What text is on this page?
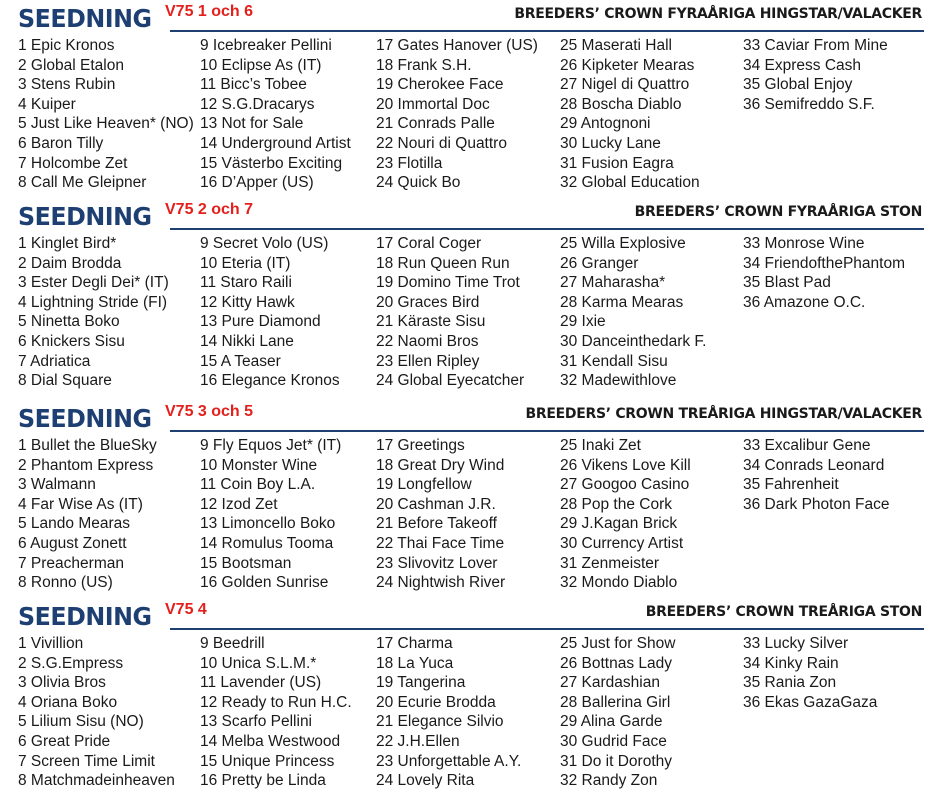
SEEDNING V75 1 och 6	BREEDERS’ CROWN FYRAÅRIGA HINGSTAR/VALACKER
1 Epic Kronos
2 Global Etalon
3 Stens Rubin
4 Kuiper
5 Just Like Heaven* (NO)
6 Baron Tilly
7 Holcombe Zet
8 Call Me Gleipner
9 Icebreaker Pellini
10 Eclipse As (IT)
11 Bicc’s Tobee
12 S.G.Dracarys
13 Not for Sale
14 Underground Artist
15 Västerbo Exciting
16 D’Apper (US)
17 Gates Hanover (US)
18 Frank S.H.
19 Cherokee Face
20 Immortal Doc
21 Conrads Palle
22 Nouri di Quattro
23 Flotilla
24 Quick Bo
25 Maserati Hall
26 Kipketer Mearas
27 Nigel di Quattro
28 Boscha Diablo
29 Antognoni
30 Lucky Lane
31 Fusion Eagra
32 Global Education
33 Caviar From Mine
34 Express Cash
35 Global Enjoy
36 Semifreddo S.F.
SEEDNING V75 2 och 7	BREEDERS’ CROWN FYRAÅRIGA STON
1 Kinglet Bird*
2 Daim Brodda
3 Ester Degli Dei* (IT)
4 Lightning Stride (FI)
5 Ninetta Boko
6 Knickers Sisu
7 Adriatica
8 Dial Square
9 Secret Volo (US)
10 Eteria (IT)
11 Staro Raili
12 Kitty Hawk
13 Pure Diamond
14 Nikki Lane
15 A Teaser
16 Elegance Kronos
17 Coral Coger
18 Run Queen Run
19 Domino Time Trot
20 Graces Bird
21 Käraste Sisu
22 Naomi Bros
23 Ellen Ripley
24 Global Eyecatcher
25 Willa Explosive
26 Granger
27 Maharasha*
28 Karma Mearas
29 Ixie
30 Danceinthedark F.
31 Kendall Sisu
32 Madewithlove
33 Monrose Wine
34 FriendofthePhantom
35 Blast Pad
36 Amazone O.C.
SEEDNING V75 3 och 5	BREEDERS’ CROWN TREÅRIGA HINGSTAR/VALACKER
1 Bullet the BlueSky
2 Phantom Express
3 Walmann
4 Far Wise As (IT)
5 Lando Mearas
6 August Zonett
7 Preacherman
8 Ronno (US)
9 Fly Equos Jet* (IT)
10 Monster Wine
11 Coin Boy L.A.
12 Izod Zet
13 Limoncello Boko
14 Romulus Tooma
15 Bootsman
16 Golden Sunrise
17 Greetings
18 Great Dry Wind
19 Longfellow
20 Cashman J.R.
21 Before Takeoff
22 Thai Face Time
23 Slivovitz Lover
24 Nightwish River
25 Inaki Zet
26 Vikens Love Kill
27 Googoo Casino
28 Pop the Cork
29 J.Kagan Brick
30 Currency Artist
31 Zenmeister
32 Mondo Diablo
33 Excalibur Gene
34 Conrads Leonard
35 Fahrenheit
36 Dark Photon Face
SEEDNING V75 4	BREEDERS’ CROWN TREÅRIGA STON
1 Vivillion
2 S.G.Empress
3 Olivia Bros
4 Oriana Boko
5 Lilium Sisu (NO)
6 Great Pride
7 Screen Time Limit
8 Matchmadeinheaven
9 Beedrill
10 Unica S.L.M.*
11 Lavender (US)
12 Ready to Run H.C.
13 Scarfo Pellini
14 Melba Westwood
15 Unique Princess
16 Pretty be Linda
17 Charma
18 La Yuca
19 Tangerina
20 Ecurie Brodda
21 Elegance Silvio
22 J.H.Ellen
23 Unforgettable A.Y.
24 Lovely Rita
25 Just for Show
26 Bottnas Lady
27 Kardashian
28 Ballerina Girl
29 Alina Garde
30 Gudrid Face
31 Do it Dorothy
32 Randy Zon
33 Lucky Silver
34 Kinky Rain
35 Rania Zon
36 Ekas GazaGaza
